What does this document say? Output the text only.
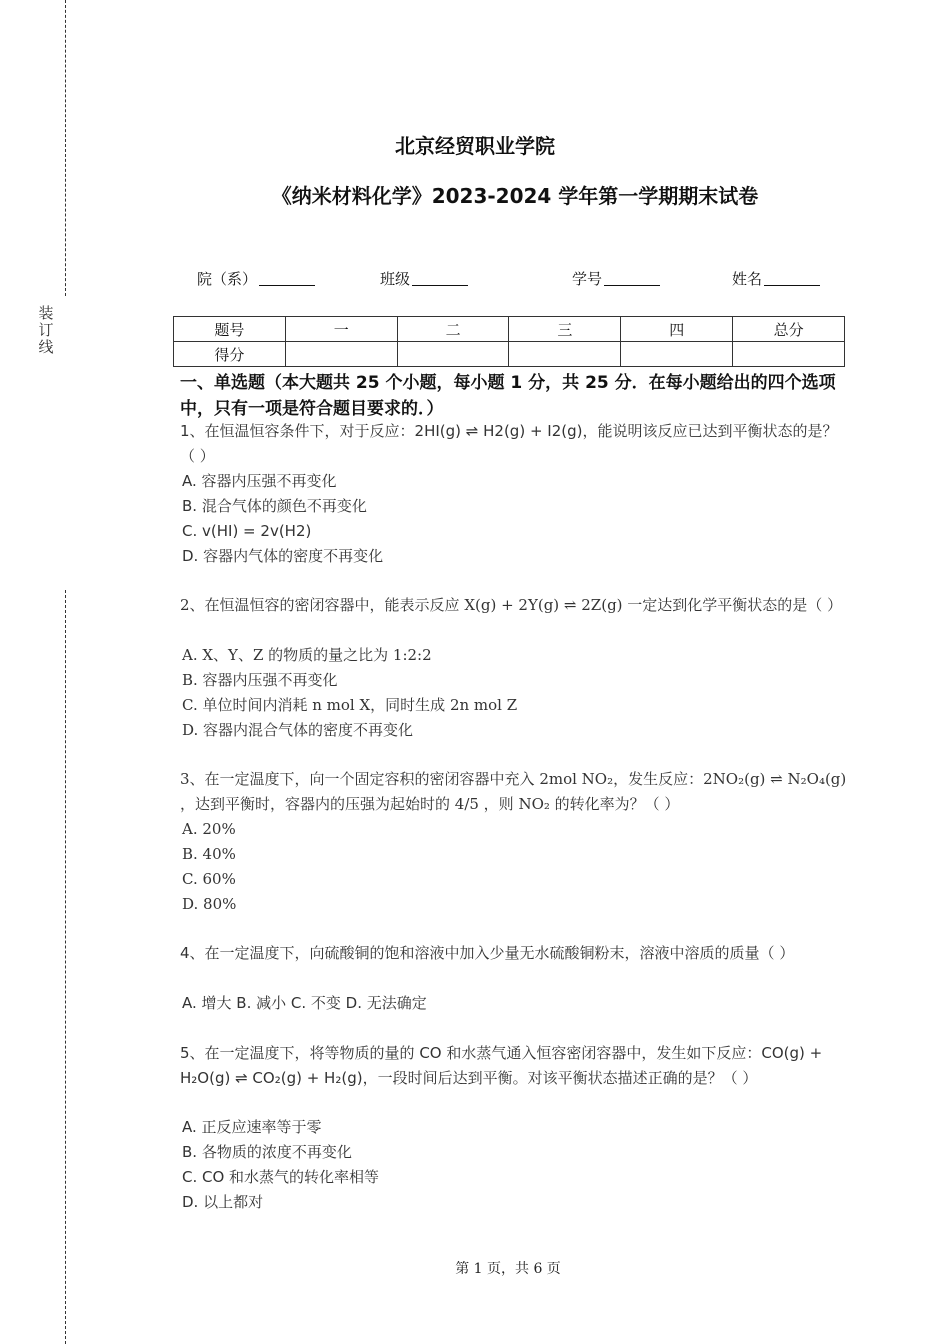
装
订
线
北京经贸职业学院
《纳米材料化学》2023-2024 学年第一学期期末试卷
院（系）	班级	学号	姓名
题号	一	二	三	四	总分
得分					

一、单选题（本大题共 25 个小题，每小题 1 分，共 25 分．在每小题给出的四个选项中，只有一项是符合题目要求的．）

1、在恒温恒容条件下，对于反应：2HI(g) ⇌ H2(g) + I2(g)，能说明该反应已达到平衡状态的是？（ ）

A. 容器内压强不再变化

B. 混合气体的颜色不再变化

C. v(HI) = 2v(H2)

D. 容器内气体的密度不再变化

2、在恒温恒容的密闭容器中，能表示反应 X(g) + 2Y(g) ⇌ 2Z(g) 一定达到化学平衡状态的是（ ）

A. X、Y、Z 的物质的量之比为 1:2:2

B. 容器内压强不再变化

C. 单位时间内消耗 n mol X，同时生成 2n mol Z

D. 容器内混合气体的密度不再变化

3、在一定温度下，向一个固定容积的密闭容器中充入 2mol NO₂，发生反应：2NO₂(g) ⇌ N₂O₄(g) ，达到平衡时，容器内的压强为起始时的 4/5 ，则 NO₂ 的转化率为？（ ）

A. 20%

B. 40%

C. 60%

D. 80%

4、在一定温度下，向硫酸铜的饱和溶液中加入少量无水硫酸铜粉末，溶液中溶质的质量（ ）

A. 增大 B. 减小 C. 不变 D. 无法确定

5、在一定温度下，将等物质的量的 CO 和水蒸气通入恒容密闭容器中，发生如下反应：CO(g) + H₂O(g) ⇌ CO₂(g) + H₂(g)，一段时间后达到平衡。对该平衡状态描述正确的是？（ ）

A. 正反应速率等于零

B. 各物质的浓度不再变化

C. CO 和水蒸气的转化率相等

D. 以上都对

第 1 页，共 6 页
